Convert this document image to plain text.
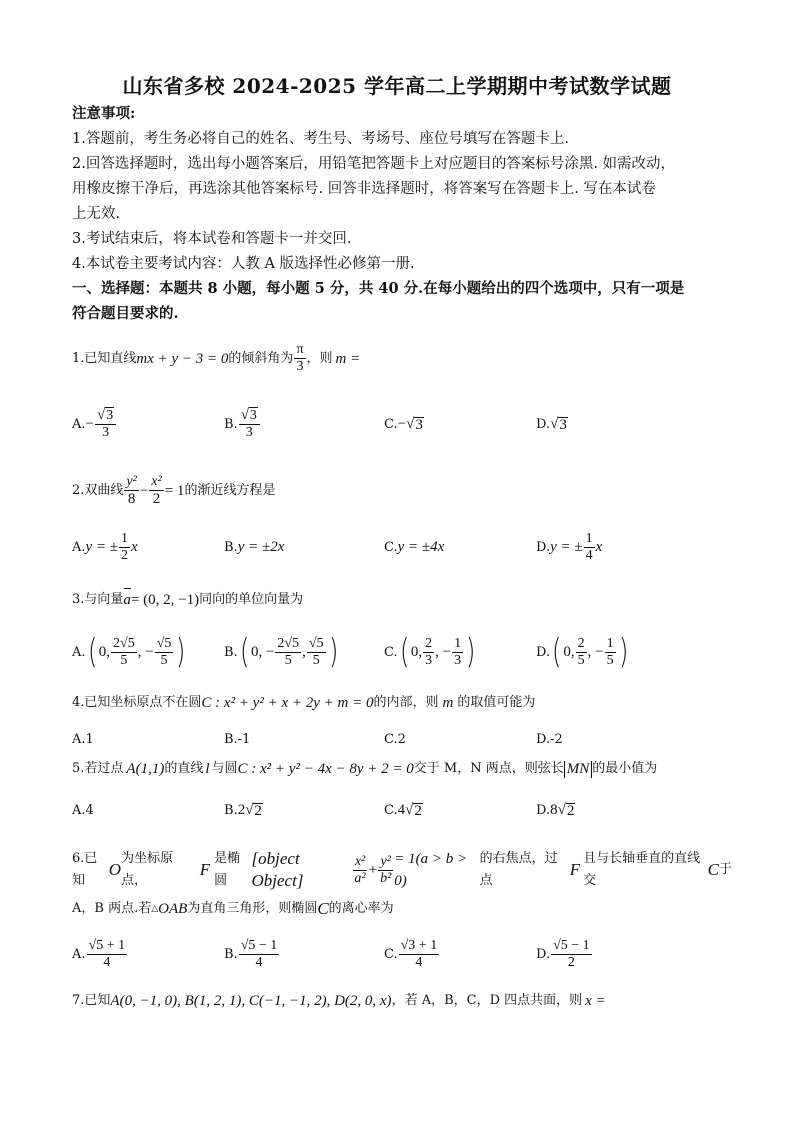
山东省多校 2024-2025 学年高二上学期期中考试数学试题
注意事项:
1.答题前，考生务必将自己的姓名、考生号、考场号、座位号填写在答题卡上.
2.回答选择题时，选出每小题答案后，用铅笔把答题卡上对应题目的答案标号涂黑. 如需改动，
用橡皮擦干净后，再选涂其他答案标号. 回答非选择题时，将答案写在答题卡上. 写在本试卷
上无效.
3.考试结束后，将本试卷和答题卡一并交回.
4.本试卷主要考试内容：人教 A 版选择性必修第一册.
一、选择题：本题共 8 小题，每小题 5 分，共 40 分.在每小题给出的四个选项中，只有一项是
符合题目要求的.
1.已知直线 mx + y − 3 = 0 的倾斜角为 $\frac{\pi}{3}$ ，则 m =
A. − $\frac{√ 3}{3}$	B. $\frac{√ 3}{3}$	C. − √ 3	D. √ 3
2.双曲线 $\frac{\text{y²}}{8} - \frac{\text{x²}}{2} = 1$ 的渐近线方程是
A. y = ± $\frac{1}{2}$ x	B. y = ±2x	C. y = ±4x	D. y = ± $\frac{1}{4}$ x
3.与向量 a = (0, 2, −1) 同向的单位向量为
A. ( 0, $\frac{2√5}{5}$ , − $\frac{√5}{5}$ )	B. ( 0, − $\frac{2√5}{5}$ , $\frac{√5}{5}$ )	C. ( 0, $\frac{2}{3}$ , − $\frac{1}{3}$ )	D. ( 0, $\frac{2}{5}$ , − $\frac{1}{5}$ )
4.已知坐标原点不在圆 C : x² + y² + x + 2y + m = 0 的内部，则 m 的取值可能为
A.1	B.-1	C.2	D.-2
5.若过点 A(1,1) 的直线 l 与圆 C : x² + y² − 4x − 8y + 2 = 0 交于 M，N 两点，则弦长 MN 的最小值为
A.4	B. 2 √ 2	C. 4 √ 2	D. 8 √ 2
6.已知
O
为坐标原点，
F
是椭圆
[object Object]	$\frac{\text{x²}}{\text{a²}} + \frac{\text{y²}}{\text{b²}} = 1(a > b > 0)$
的右焦点，过点
F
且与长轴垂直的直线交
C 于
A，B 两点.若 △ OAB 为直角三角形，则椭圆 C 的离心率为
A. $\frac{√5 + 1}{4}$	B. $\frac{√5 - 1}{4}$	C. $\frac{√3 + 1}{4}$	D. $\frac{√5 - 1}{2}$
7.已知 A(0, −1, 0), B(1, 2, 1), C(−1, −1, 2), D(2, 0, x) ，若 A，B，C，D 四点共面，则 x =
